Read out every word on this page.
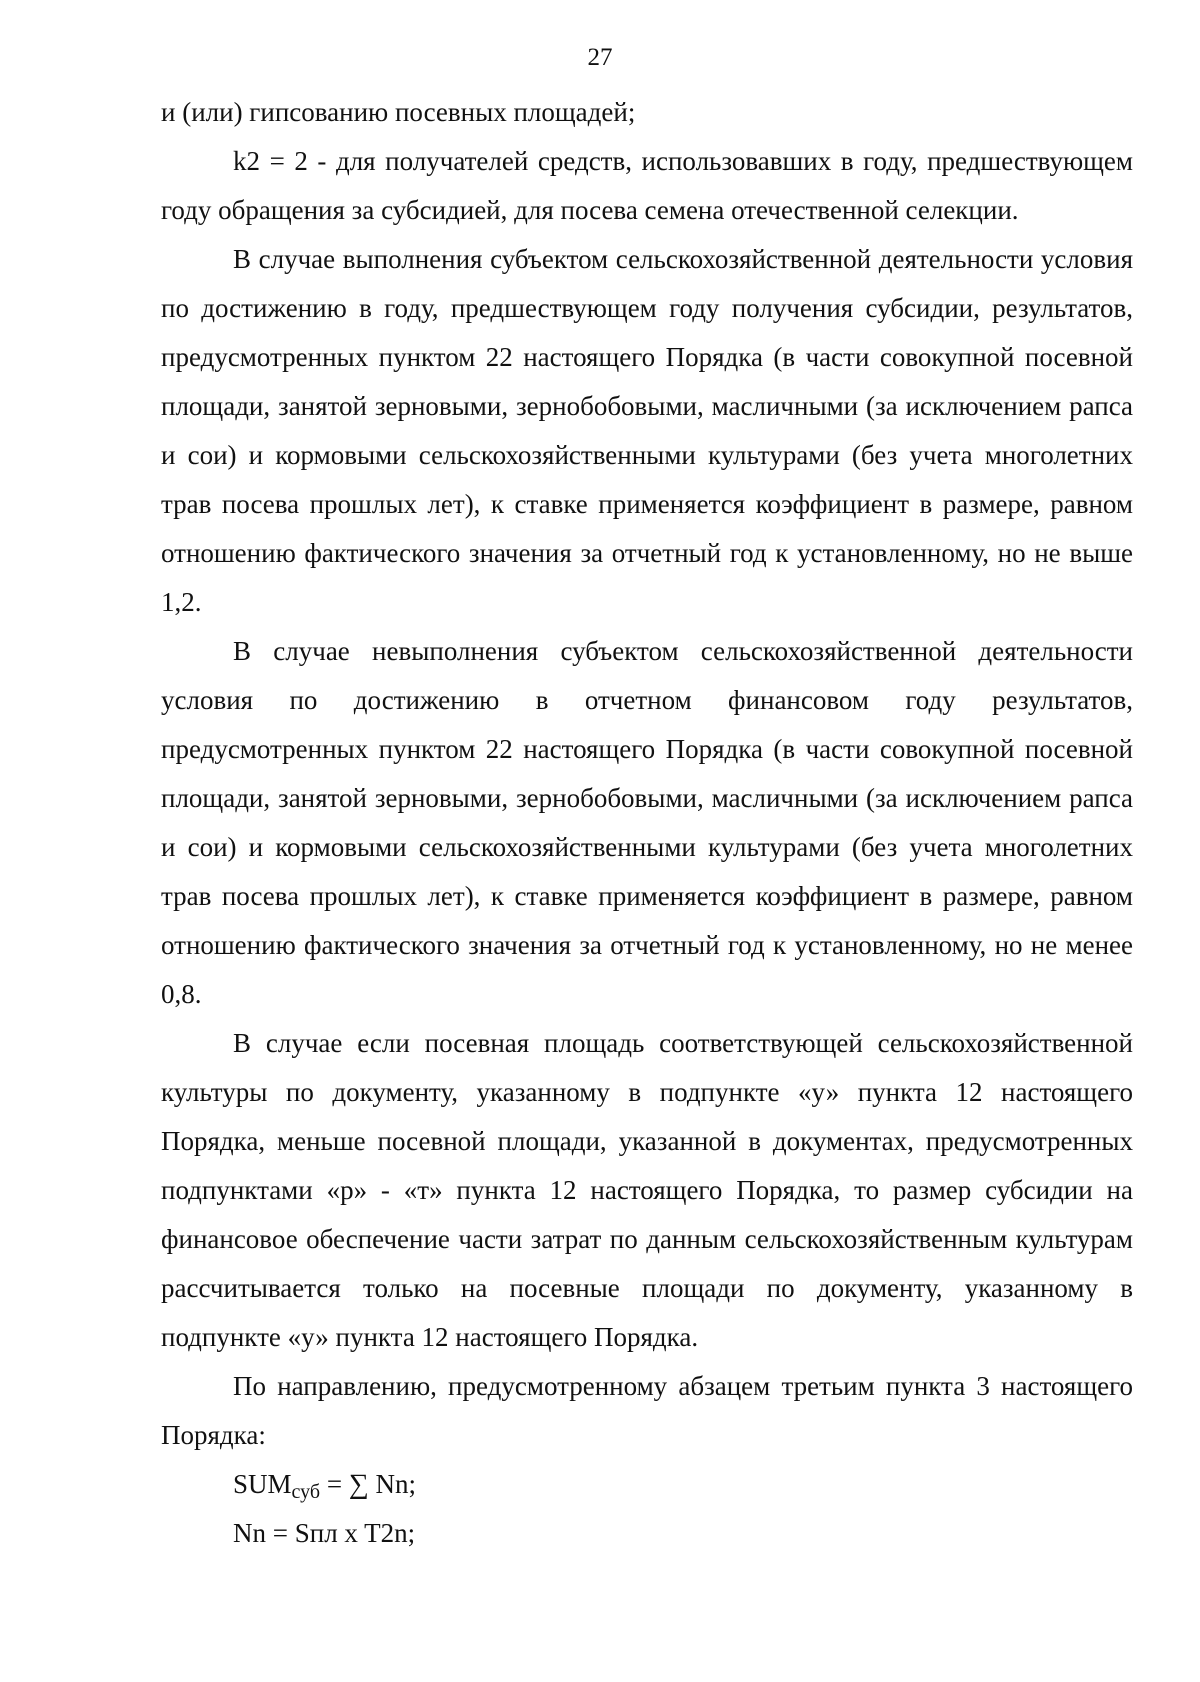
27

и (или) гипсованию посевных площадей;

k2 = 2 - для получателей средств, использовавших в году, предшествующем году обращения за субсидией, для посева семена отечественной селекции.

В случае выполнения субъектом сельскохозяйственной деятельности условия по достижению в году, предшествующем году получения субсидии, результатов, предусмотренных пунктом 22 настоящего Порядка (в части совокупной посевной площади, занятой зерновыми, зернобобовыми, масличными (за исключением рапса и сои) и кормовыми сельскохозяйственными культурами (без учета многолетних трав посева прошлых лет), к ставке применяется коэффициент в размере, равном отношению фактического значения за отчетный год к установленному, но не выше 1,2.

В случае невыполнения субъектом сельскохозяйственной деятельности условия по достижению в отчетном финансовом году результатов, предусмотренных пунктом 22 настоящего Порядка (в части совокупной посевной площади, занятой зерновыми, зернобобовыми, масличными (за исключением рапса и сои) и кормовыми сельскохозяйственными культурами (без учета многолетних трав посева прошлых лет), к ставке применяется коэффициент в размере, равном отношению фактического значения за отчетный год к установленному, но не менее 0,8.

В случае если посевная площадь соответствующей сельскохозяйственной культуры по документу, указанному в подпункте «у» пункта 12 настоящего Порядка, меньше посевной площади, указанной в документах, предусмотренных подпунктами «р» - «т» пункта 12 настоящего Порядка, то размер субсидии на финансовое обеспечение части затрат по данным сельскохозяйственным культурам рассчитывается только на посевные площади по документу, указанному в подпункте «у» пункта 12 настоящего Порядка.

По направлению, предусмотренному абзацем третьим пункта 3 настоящего Порядка:

$SUM_{суб}$ = ∑ Nn;

Nn = Sпл x T2n;
